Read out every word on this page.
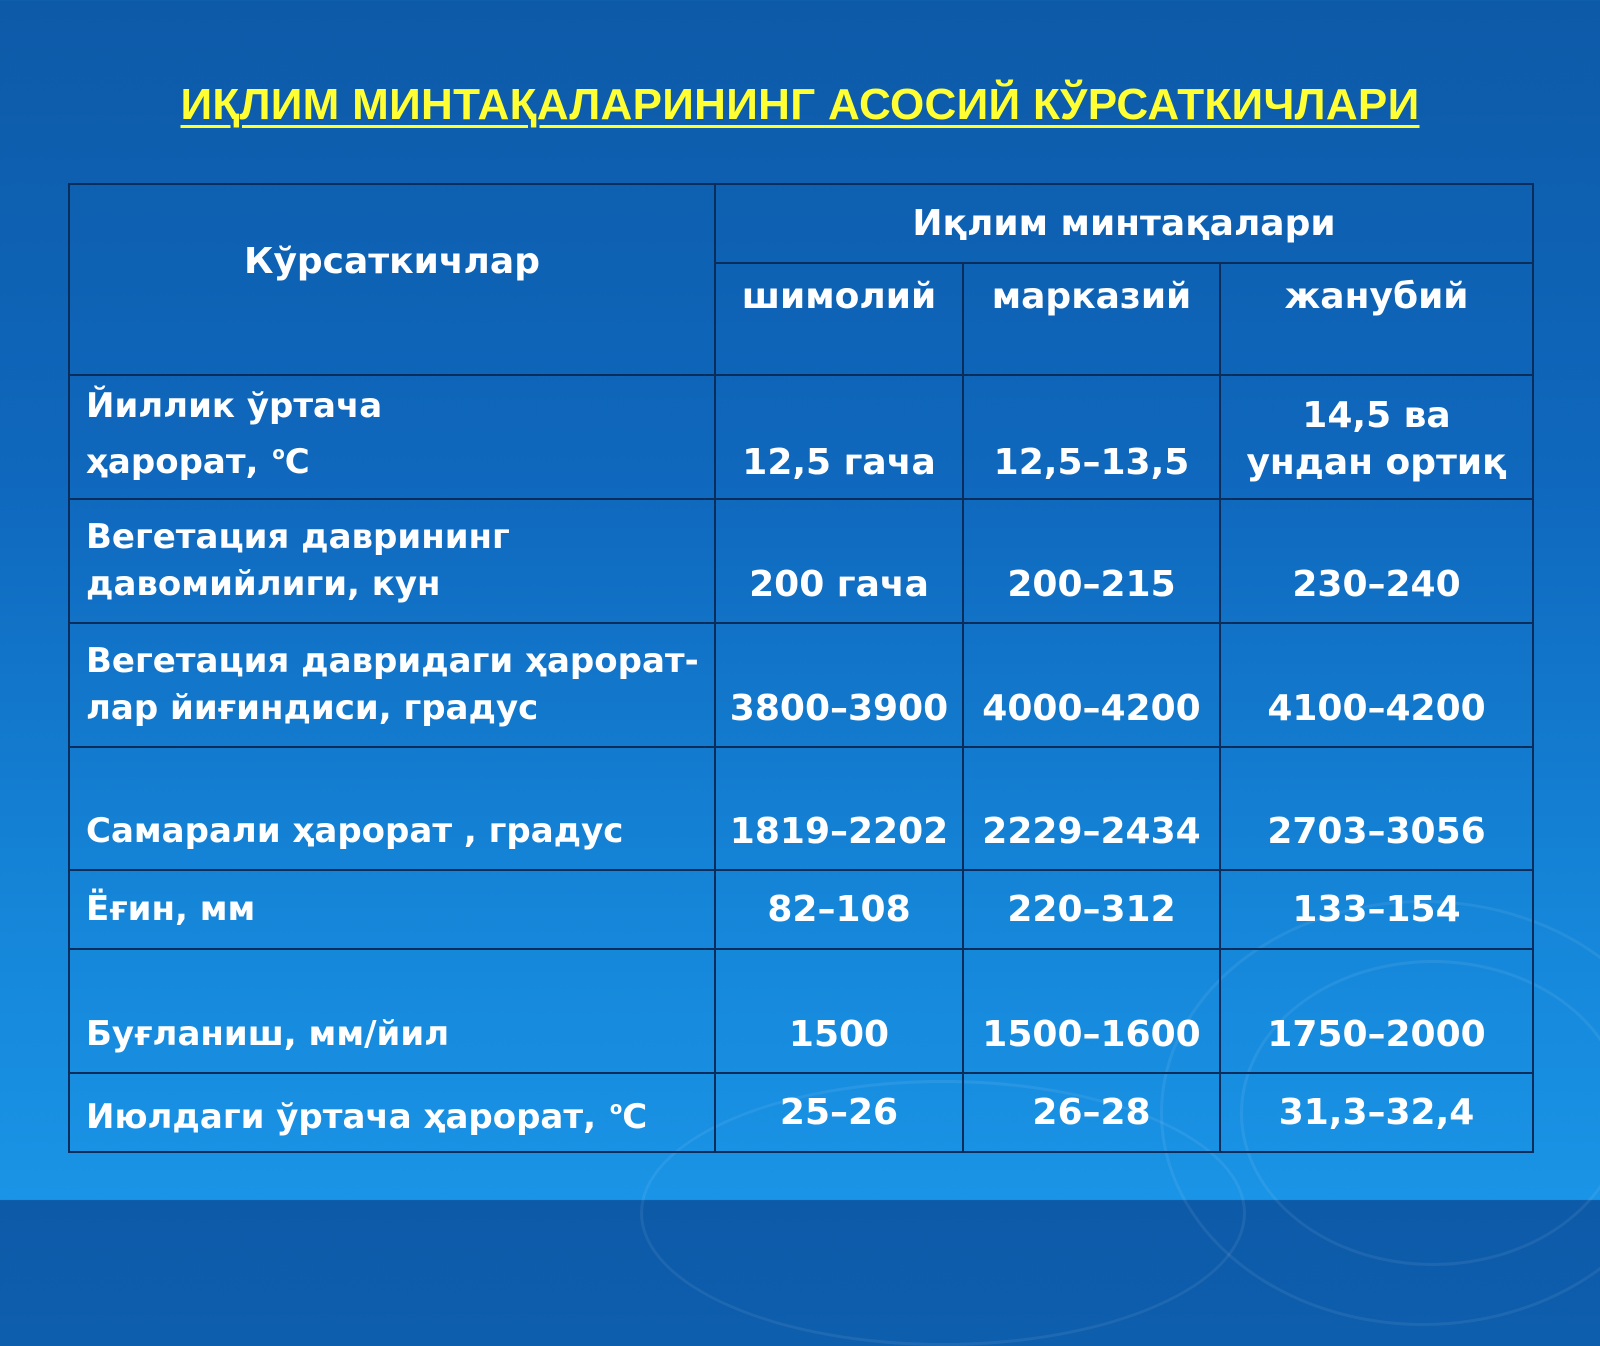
ИҚЛИМ МИНТАҚАЛАРИНИНГ АСОСИЙ КЎРСАТКИЧЛАРИ
Кўрсаткичлар	Иқлим минтақалари		
	шимолий	марказий	жанубий
Йиллик ўртача
ҳарорат, $^o$C	12,5 гача	12,5–13,5	14,5 ва ундан ортиқ
Вегетация даврининг
давомийлиги, кун	200 гача	200–215	230–240
Вегетация давридаги ҳарорат-
лар йиғиндиси, градус	3800–3900	4000–4200	4100–4200
Самарали ҳарорат , градус	1819–2202	2229–2434	2703–3056
Ёғин, мм	82–108	220–312	133–154
Буғланиш, мм/йил	1500	1500–1600	1750–2000
Июлдаги ўртача ҳарорат, $^o$C	25–26	26–28	31,3–32,4
